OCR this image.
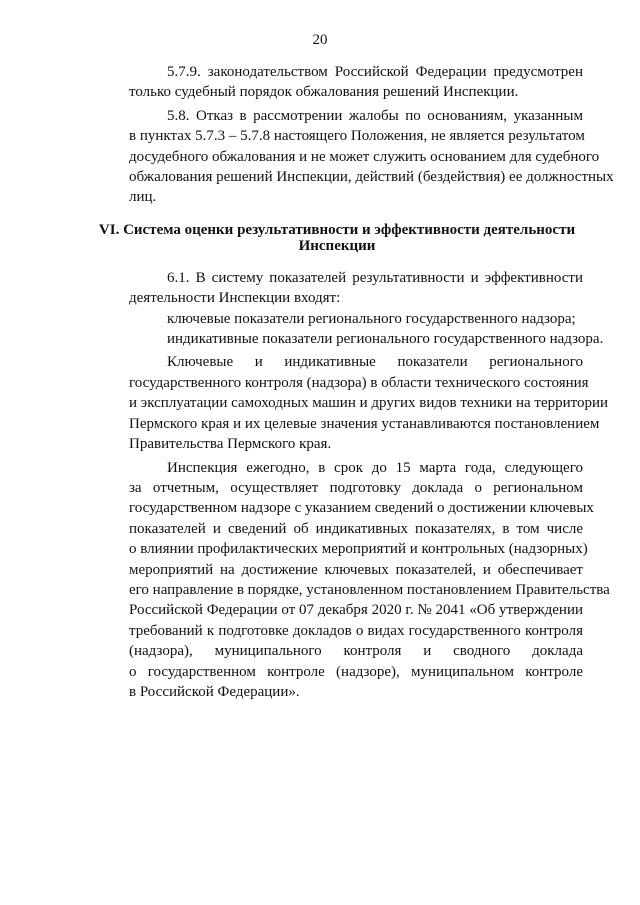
20
5.7.9. законодательством Российской Федерации предусмотрен
только судебный порядок обжалования решений Инспекции.
5.8. Отказ в рассмотрении жалобы по основаниям, указанным
в пунктах 5.7.3 – 5.7.8 настоящего Положения, не является результатом
досудебного обжалования и не может служить основанием для судебного
обжалования решений Инспекции, действий (бездействия) ее должностных
лиц.
VI. Система оценки результативности и эффективности деятельности
Инспекции
6.1. В систему показателей результативности и эффективности
деятельности Инспекции входят:
ключевые показатели регионального государственного надзора;
индикативные показатели регионального государственного надзора.
Ключевые и индикативные показатели регионального
государственного контроля (надзора) в области технического состояния
и эксплуатации самоходных машин и других видов техники на территории
Пермского края и их целевые значения устанавливаются постановлением
Правительства Пермского края.
Инспекция ежегодно, в срок до 15 марта года, следующего
за отчетным, осуществляет подготовку доклада о региональном
государственном надзоре с указанием сведений о достижении ключевых
показателей и сведений об индикативных показателях, в том числе
о влиянии профилактических мероприятий и контрольных (надзорных)
мероприятий на достижение ключевых показателей, и обеспечивает
его направление в порядке, установленном постановлением Правительства
Российской Федерации от 07 декабря 2020 г. № 2041 «Об утверждении
требований к подготовке докладов о видах государственного контроля
(надзора), муниципального контроля и сводного доклада
о государственном контроле (надзоре), муниципальном контроле
в Российской Федерации».
